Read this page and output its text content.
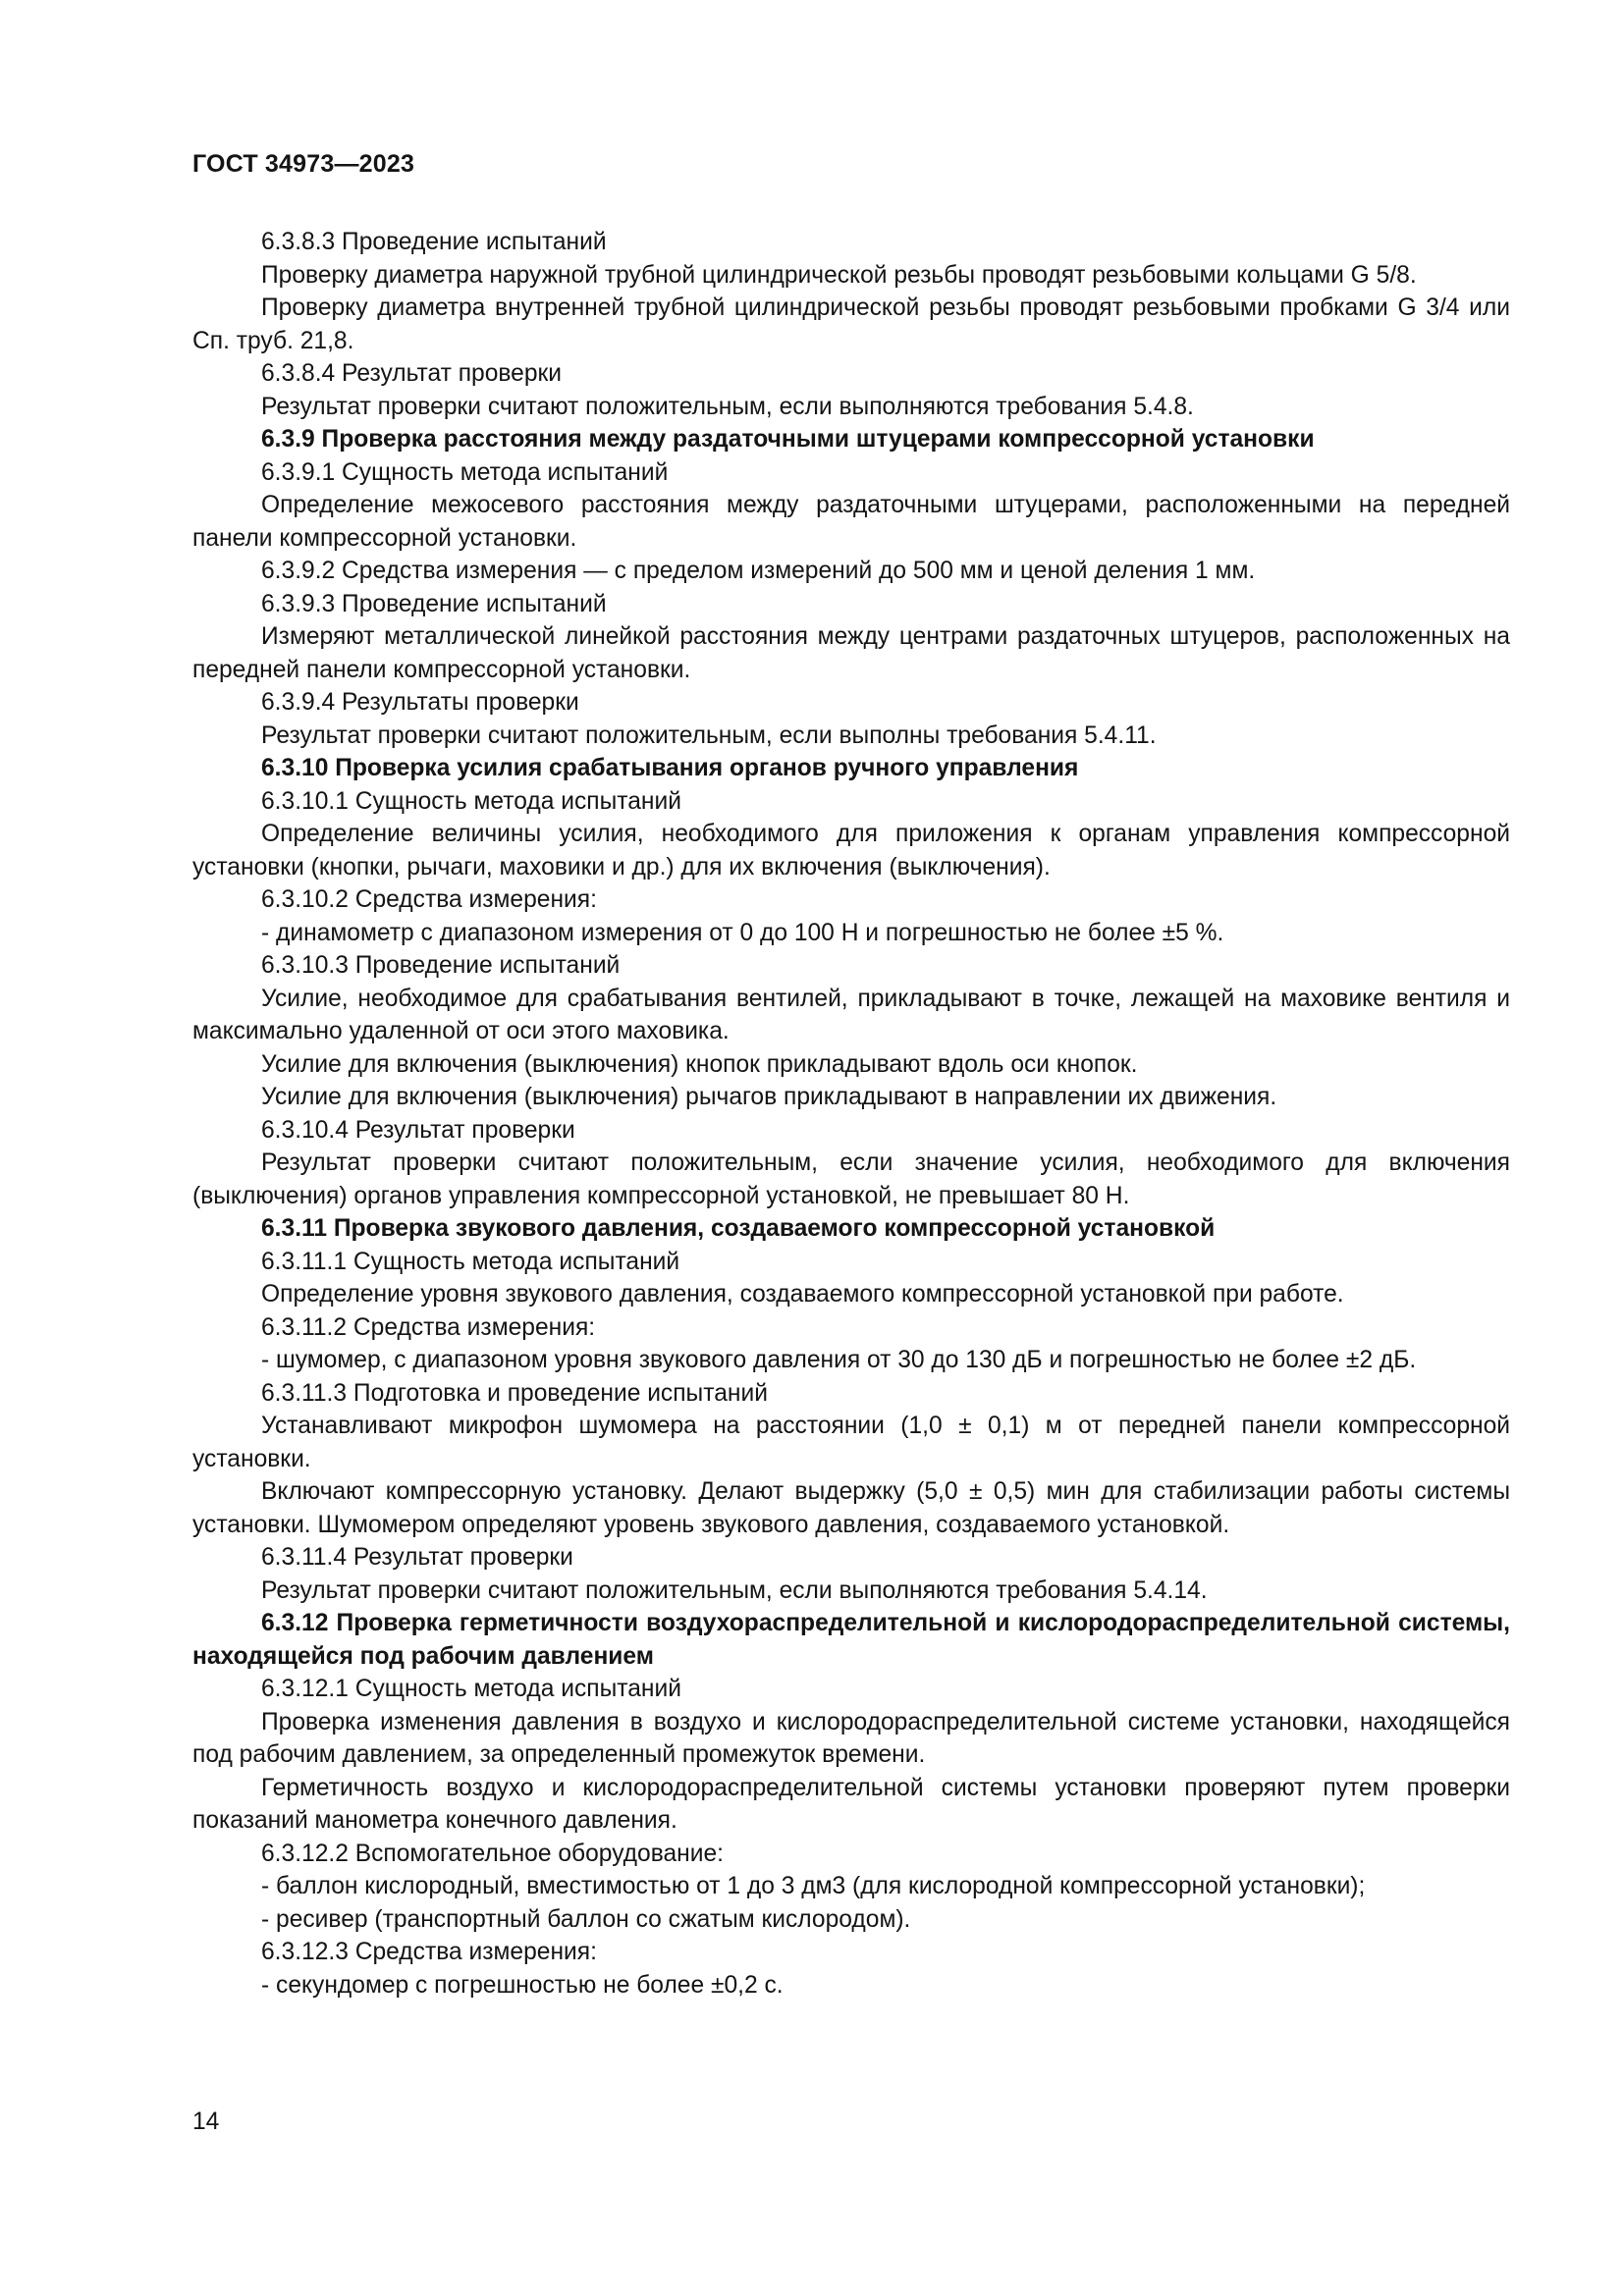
ГОСТ 34973—2023
6.3.8.3 Проведение испытаний
Проверку диаметра наружной трубной цилиндрической резьбы проводят резьбовыми кольцами G 5/8.
Проверку диаметра внутренней трубной цилиндрической резьбы проводят резьбовыми пробками G 3/4 или Сп. труб. 21,8.
6.3.8.4 Результат проверки
Результат проверки считают положительным, если выполняются требования 5.4.8.
6.3.9 Проверка расстояния между раздаточными штуцерами компрессорной установки
6.3.9.1 Сущность метода испытаний
Определение межосевого расстояния между раздаточными штуцерами, расположенными на передней панели компрессорной установки.
6.3.9.2 Средства измерения — с пределом измерений до 500 мм и ценой деления 1 мм.
6.3.9.3 Проведение испытаний
Измеряют металлической линейкой расстояния между центрами раздаточных штуцеров, расположенных на передней панели компрессорной установки.
6.3.9.4 Результаты проверки
Результат проверки считают положительным, если выполны требования 5.4.11.
6.3.10 Проверка усилия срабатывания органов ручного управления
6.3.10.1 Сущность метода испытаний
Определение величины усилия, необходимого для приложения к органам управления компрессорной установки (кнопки, рычаги, маховики и др.) для их включения (выключения).
6.3.10.2 Средства измерения:
- динамометр с диапазоном измерения от 0 до 100 Н и погрешностью не более ±5 %.
6.3.10.3 Проведение испытаний
Усилие, необходимое для срабатывания вентилей, прикладывают в точке, лежащей на маховике вентиля и максимально удаленной от оси этого маховика.
Усилие для включения (выключения) кнопок прикладывают вдоль оси кнопок.
Усилие для включения (выключения) рычагов прикладывают в направлении их движения.
6.3.10.4 Результат проверки
Результат проверки считают положительным, если значение усилия, необходимого для включения (выключения) органов управления компрессорной установкой, не превышает 80 Н.
6.3.11 Проверка звукового давления, создаваемого компрессорной установкой
6.3.11.1 Сущность метода испытаний
Определение уровня звукового давления, создаваемого компрессорной установкой при работе.
6.3.11.2 Средства измерения:
- шумомер, с диапазоном уровня звукового давления от 30 до 130 дБ и погрешностью не более ±2 дБ.
6.3.11.3 Подготовка и проведение испытаний
Устанавливают микрофон шумомера на расстоянии (1,0 ± 0,1) м от передней панели компрессорной установки.
Включают компрессорную установку. Делают выдержку (5,0 ± 0,5) мин для стабилизации работы системы установки. Шумомером определяют уровень звукового давления, создаваемого установкой.
6.3.11.4 Результат проверки
Результат проверки считают положительным, если выполняются требования 5.4.14.
6.3.12 Проверка герметичности воздухораспределительной и кислородораспределительной системы, находящейся под рабочим давлением
6.3.12.1 Сущность метода испытаний
Проверка изменения давления в воздухо и кислородораспределительной системе установки, находящейся под рабочим давлением, за определенный промежуток времени.
Герметичность воздухо и кислородораспределительной системы установки проверяют путем проверки показаний манометра конечного давления.
6.3.12.2 Вспомогательное оборудование:
- баллон кислородный, вместимостью от 1 до 3 дм3 (для кислородной компрессорной установки);
- ресивер (транспортный баллон со сжатым кислородом).
6.3.12.3 Средства измерения:
- секундомер с погрешностью не более ±0,2 с.
14
